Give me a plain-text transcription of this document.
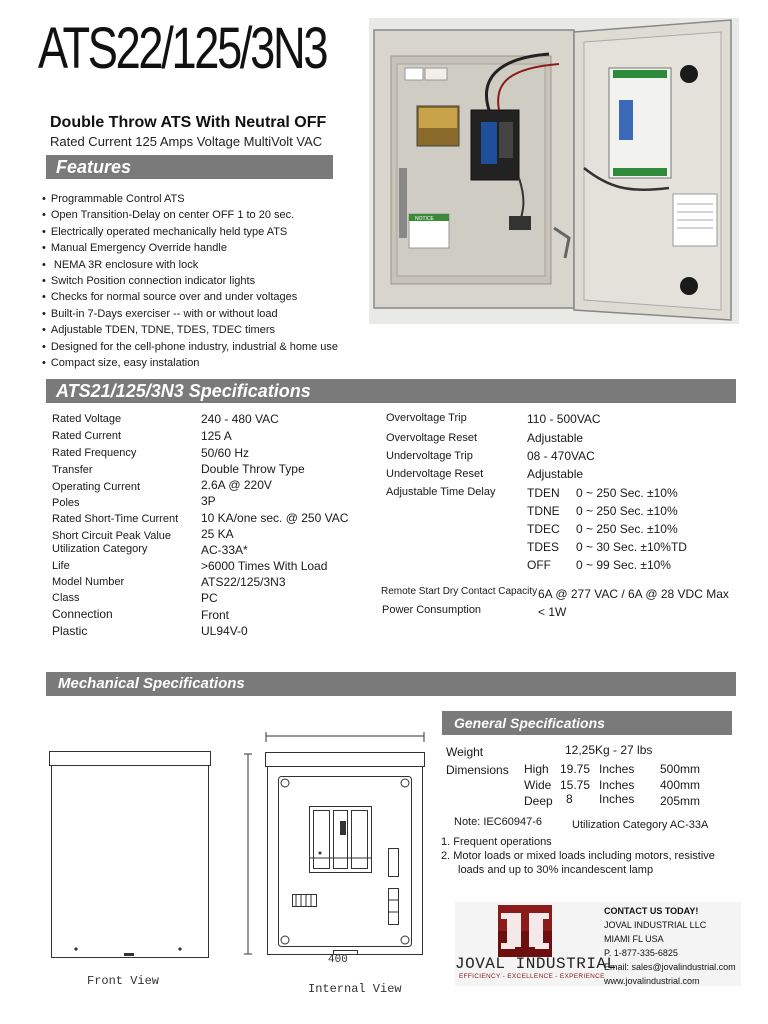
ATS22/125/3N3
Double Throw ATS With Neutral OFF
Rated Current 125 Amps Voltage MultiVolt VAC
NOTICE
Features
• Programmable Control ATS
• Open Transition-Delay on center OFF 1 to 20 sec.
• Electrically operated mechanically held type ATS
• Manual Emergency Override handle
• NEMA 3R enclosure with lock
• Switch Position connection indicator lights
• Checks for normal source over and under voltages
• Built-in 7-Days exerciser -- with or without load
• Adjustable TDEN, TDNE, TDES, TDEC timers
• Designed for the cell-phone industry, industrial & home use
• Compact size, easy instalation
ATS21/125/3N3 Specifications
Rated Voltage	240 - 480 VAC
Rated Current	125 A
Rated Frequency	50/60 Hz
Transfer	Double Throw Type
Operating Current	2.6A @ 220V
Poles	3P
Rated Short-Time Current 10 KA/one sec. @ 250 VAC
Short Circuit Peak Value 25 KA
Utilization Category	AC-33A*
Life	>6000 Times With Load
Model Number	ATS22/125/3N3
Class	PC
Connection	Front
Plastic	UL94V-0
Overvoltage Trip	110 - 500VAC
Overvoltage Reset	Adjustable
Undervoltage Trip	08 - 470VAC
Undervoltage Reset	Adjustable
Adjustable Time Delay	TDEN 0 ~ 250 Sec. ±10%
TDNE 0 ~ 250 Sec. ±10%
TDEC 0 ~ 250 Sec. ±10%
TDES 0 ~ 30 Sec. ±10%TD
OFF 0 ~ 99 Sec. ±10%
Remote Start Dry Contact Capacity 6A @ 277 VAC / 6A @ 28 VDC Max
Power Consumption	< 1W
Mechanical Specifications
Front View
400
Internal View
General Specifications
Weight	12,25Kg - 27 lbs
Dimensions High 19.75 Inches 500mm
Wide 15.75 Inches 400mm
Deep 8 Inches 205mm
Note: IEC60947-6	Utilization Category AC-33A
1. Frequent operations
2. Motor loads or mixed loads including motors, resistive
loads and up to 30% incandescent lamp
JOVAL INDUSTRIAL
EFFICIENCY - EXCELLENCE - EXPERIENCE
CONTACT US TODAY!
JOVAL INDUSTRIAL LLC
MIAMI FL USA
P. 1-877-335-6825
Email: sales@jovalindustrial.com
www.jovalindustrial.com
